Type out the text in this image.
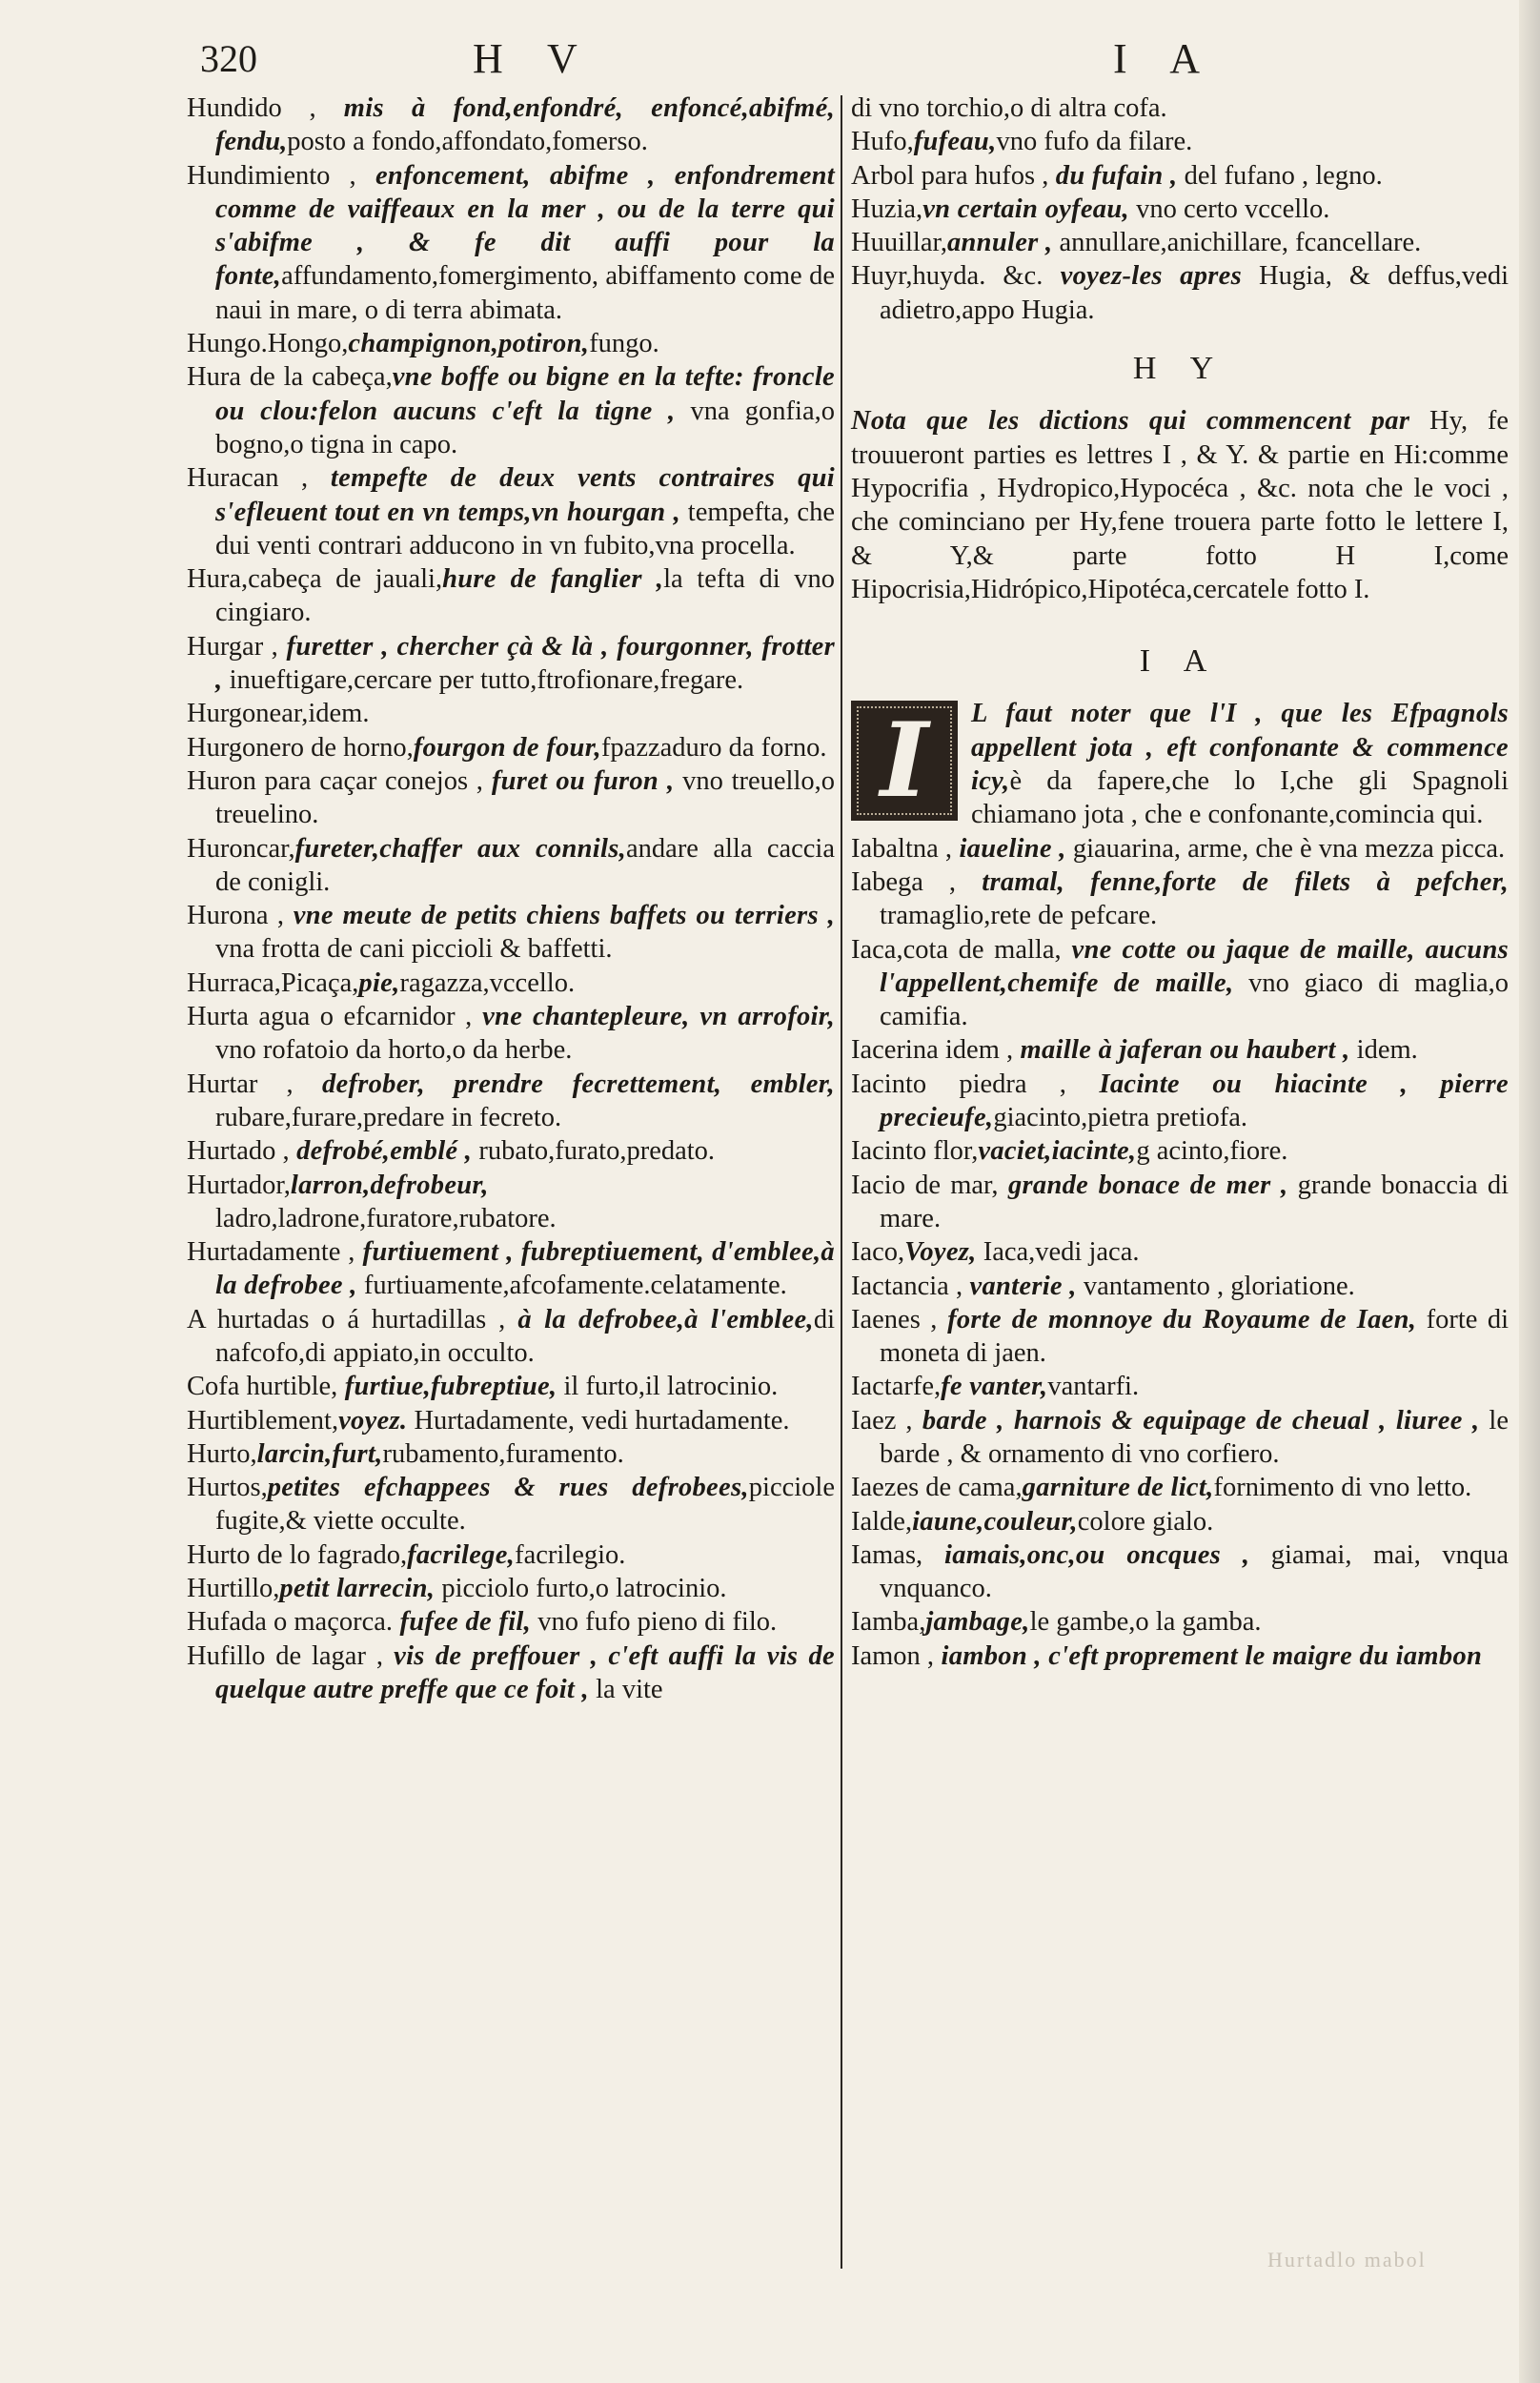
320	H V	I A

Hundido , mis à fond,enfondré, enfoncé,abifmé, fendu,posto a fondo,affondato,fomerso.

Hundimiento , enfoncement, abifme , enfondrement comme de vaiffeaux en la mer , ou de la terre qui s'abifme , & fe dit auffi pour la fonte,affundamento,fomergimento, abiffamento come de naui in mare, o di terra abimata.

Hungo.Hongo,champignon,potiron,fungo.

Hura de la cabeça,vne boffe ou bigne en la tefte: froncle ou clou:felon aucuns c'eft la tigne , vna gonfia,o bogno,o tigna in capo.

Huracan , tempefte de deux vents contraires qui s'efleuent tout en vn temps,vn hourgan , tempefta, che dui venti contrari adducono in vn fubito,vna procella.

Hura,cabeça de jauali,hure de fanglier ,la tefta di vno cingiaro.

Hurgar , furetter , chercher çà & là , fourgonner, frotter , inueftigare,cercare per tutto,ftrofionare,fregare.

Hurgonear,idem.

Hurgonero de horno,fourgon de four,fpazzaduro da forno.

Huron para caçar conejos , furet ou furon , vno treuello,o treuelino.

Huroncar,fureter,chaffer aux connils,andare alla caccia de conigli.

Hurona , vne meute de petits chiens baffets ou terriers , vna frotta de cani piccioli & baffetti.

Hurraca,Picaça,pie,ragazza,vccello.

Hurta agua o efcarnidor , vne chantepleure, vn arrofoir, vno rofatoio da horto,o da herbe.

Hurtar , defrober, prendre fecrettement, embler, rubare,furare,predare in fecreto.

Hurtado , defrobé,emblé , rubato,furato,predato.

Hurtador,larron,defrobeur, ladro,ladrone,furatore,rubatore.

Hurtadamente , furtiuement , fubreptiuement, d'emblee,à la defrobee , furtiuamente,afcofamente.celatamente.

A hurtadas o á hurtadillas , à la defrobee,à l'emblee,di nafcofo,di appiato,in occulto.

Cofa hurtible, furtiue,fubreptiue, il furto,il latrocinio.

Hurtiblement,voyez. Hurtadamente, vedi hurtadamente.

Hurto,larcin,furt,rubamento,furamento.

Hurtos,petites efchappees & rues defrobees,picciole fugite,& viette occulte.

Hurto de lo fagrado,facrilege,facrilegio.

Hurtillo,petit larrecin, picciolo furto,o latrocinio.

Hufada o maçorca. fufee de fil, vno fufo pieno di filo.

Hufillo de lagar , vis de preffouer , c'eft auffi la vis de quelque autre preffe que ce foit , la vite

di vno torchio,o di altra cofa.

Hufo,fufeau,vno fufo da filare.

Arbol para hufos , du fufain , del fufano , legno.

Huzia,vn certain oyfeau, vno certo vccello.

Huuillar,annuler , annullare,anichillare, fcancellare.

Huyr,huyda. &c. voyez-les apres Hugia, & deffus,vedi adietro,appo Hugia.

H Y

Nota que les dictions qui commencent par Hy, fe trouueront parties es lettres I , & Y. & partie en Hi:comme Hypocrifia , Hydropico,Hypocéca , &c. nota che le voci , che cominciano per Hy,fene trouera parte fotto le lettere I, & Y,& parte fotto H I,come Hipocrisia,Hidrópico,Hipotéca,cercatele fotto I.

I A
I	L faut noter que l'I , que les Efpagnols appellent jota , eft confonante & commence icy,è da fapere,che lo I,che gli Spagnoli chiamano jota , che e confonante,comincia qui.

Iabaltna , iaueline , giauarina, arme, che è vna mezza picca.

Iabega , tramal, fenne,forte de filets à pefcher, tramaglio,rete de pefcare.

Iaca,cota de malla, vne cotte ou jaque de maille, aucuns l'appellent,chemife de maille, vno giaco di maglia,o camifia.

Iacerina idem , maille à jaferan ou haubert , idem.

Iacinto piedra , Iacinte ou hiacinte , pierre precieufe,giacinto,pietra pretiofa.

Iacinto flor,vaciet,iacinte,g acinto,fiore.

Iacio de mar, grande bonace de mer , grande bonaccia di mare.

Iaco,Voyez, Iaca,vedi jaca.

Iactancia , vanterie , vantamento , gloriatione.

Iaenes , forte de monnoye du Royaume de Iaen, forte di moneta di jaen.

Iactarfe,fe vanter,vantarfi.

Iaez , barde , harnois & equipage de cheual , liuree , le barde , & ornamento di vno corfiero.

Iaezes de cama,garniture de lict,fornimento di vno letto.

Ialde,iaune,couleur,colore gialo.

Iamas, iamais,onc,ou oncques , giamai, mai, vnqua vnquanco.

Iamba,jambage,le gambe,o la gamba.

Iamon , iambon , c'eft proprement le maigre du iambon

Hurtadlo mabol
